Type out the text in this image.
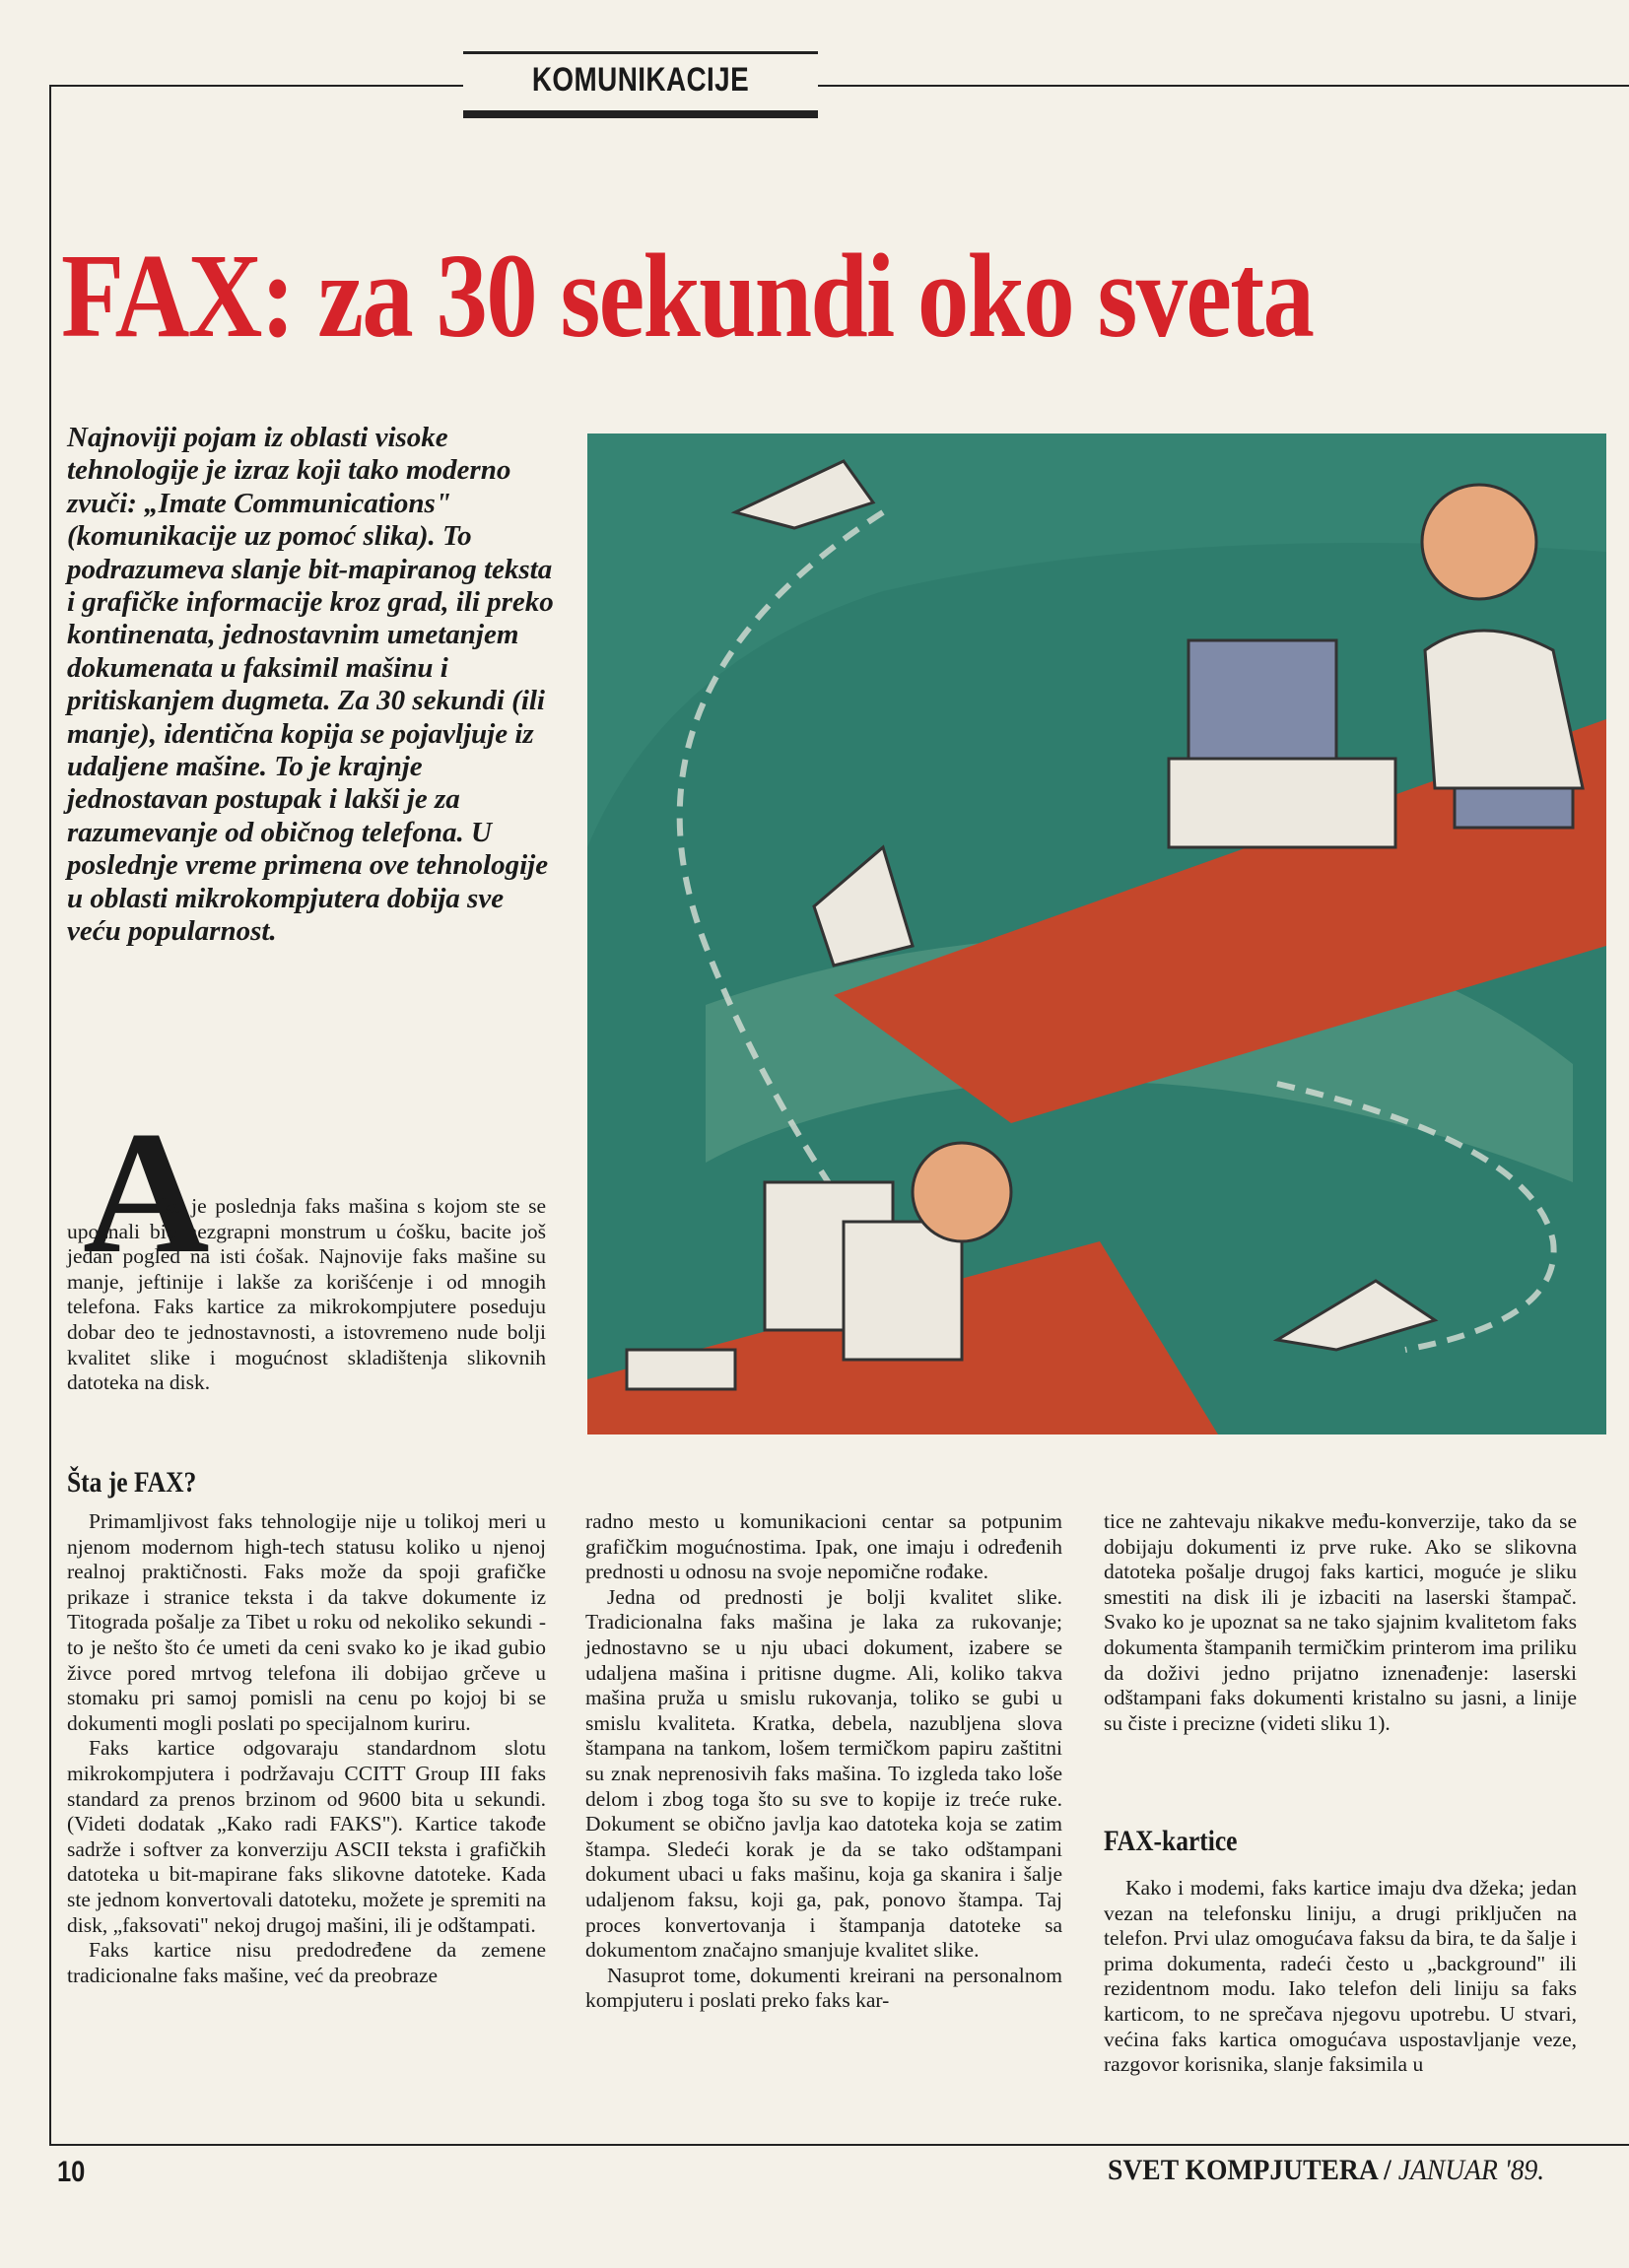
KOMUNIKACIJE
FAX: za 30 sekundi oko sveta
Najnoviji pojam iz oblasti visoke tehnologije je izraz koji tako moderno zvuči: „Imate Communications" (komunikacije uz pomoć slika). To podrazumeva slanje bit-mapiranog teksta i grafičke informacije kroz grad, ili preko kontinenata, jednostavnim umetanjem dokumenata u faksimil mašinu i pritiskanjem dugmeta. Za 30 sekundi (ili manje), identična kopija se pojavljuje iz udaljene mašine. To je krajnje jednostavan postupak i lakši je za razumevanje od običnog telefona. U poslednje vreme primena ove tehnologije u oblasti mikrokompjutera dobija sve veću popularnost.
A

ko je poslednja faks mašina s kojom ste se upoznali bio nezgrapni monstrum u ćošku, bacite još jedan pogled na isti ćošak. Najnovije faks mašine su manje, jeftinije i lakše za korišćenje i od mnogih telefona. Faks kartice za mikrokompjutere poseduju dobar deo te jednostavnosti, a istovremeno nude bolji kvalitet slike i mogućnost skladištenja slikovnih datoteka na disk.

Šta je FAX?

Primamljivost faks tehnologije nije u tolikoj meri u njenom modernom high-tech statusu koliko u njenoj realnoj praktičnosti. Faks može da spoji grafičke prikaze i stranice teksta i da takve dokumente iz Titograda pošalje za Tibet u roku od nekoliko sekundi - to je nešto što će umeti da ceni svako ko je ikad gubio živce pored mrtvog telefona ili dobijao grčeve u stomaku pri samoj pomisli na cenu po kojoj bi se dokumenti mogli poslati po specijalnom kuriru.

Faks kartice odgovaraju standardnom slotu mikrokompjutera i podržavaju CCITT Group III faks standard za prenos brzinom od 9600 bita u sekundi. (Videti dodatak „Kako radi FAKS"). Kartice takođe sadrže i softver za konverziju ASCII teksta i grafičkih datoteka u bit-mapirane faks slikovne datoteke. Kada ste jednom konvertovali datoteku, možete je spremiti na disk, „faksovati" nekoj drugoj mašini, ili je odštampati.

Faks kartice nisu predodređene da zemene tradicionalne faks mašine, već da preobraze

radno mesto u komunikacioni centar sa potpunim grafičkim mogućnostima. Ipak, one imaju i određenih prednosti u odnosu na svoje nepomične rođake.

Jedna od prednosti je bolji kvalitet slike. Tradicionalna faks mašina je laka za rukovanje; jednostavno se u nju ubaci dokument, izabere se udaljena mašina i pritisne dugme. Ali, koliko takva mašina pruža u smislu rukovanja, toliko se gubi u smislu kvaliteta. Kratka, debela, nazubljena slova štampana na tankom, lošem termičkom papiru zaštitni su znak neprenosivih faks mašina. To izgleda tako loše delom i zbog toga što su sve to kopije iz treće ruke. Dokument se obično javlja kao datoteka koja se zatim štampa. Sledeći korak je da se tako odštampani dokument ubaci u faks mašinu, koja ga skanira i šalje udaljenom faksu, koji ga, pak, ponovo štampa. Taj proces konvertovanja i štampanja datoteke sa dokumentom značajno smanjuje kvalitet slike.

Nasuprot tome, dokumenti kreirani na personalnom kompjuteru i poslati preko faks kar-

tice ne zahtevaju nikakve među-konverzije, tako da se dobijaju dokumenti iz prve ruke. Ako se slikovna datoteka pošalje drugoj faks kartici, moguće je sliku smestiti na disk ili je izbaciti na laserski štampač. Svako ko je upoznat sa ne tako sjajnim kvalitetom faks dokumenta štampanih termičkim printerom ima priliku da doživi jedno prijatno iznenađenje: laserski odštampani faks dokumenti kristalno su jasni, a linije su čiste i precizne (videti sliku 1).

FAX-kartice

Kako i modemi, faks kartice imaju dva džeka; jedan vezan na telefonsku liniju, a drugi priključen na telefon. Prvi ulaz omogućava faksu da bira, te da šalje i prima dokumenta, radeći često u „background" ili rezidentnom modu. Iako telefon deli liniju sa faks karticom, to ne sprečava njegovu upotrebu. U stvari, većina faks kartica omogućava uspostavljanje veze, razgovor korisnika, slanje faksimila u

10	SVET KOMPJUTERA / JANUAR '89.
